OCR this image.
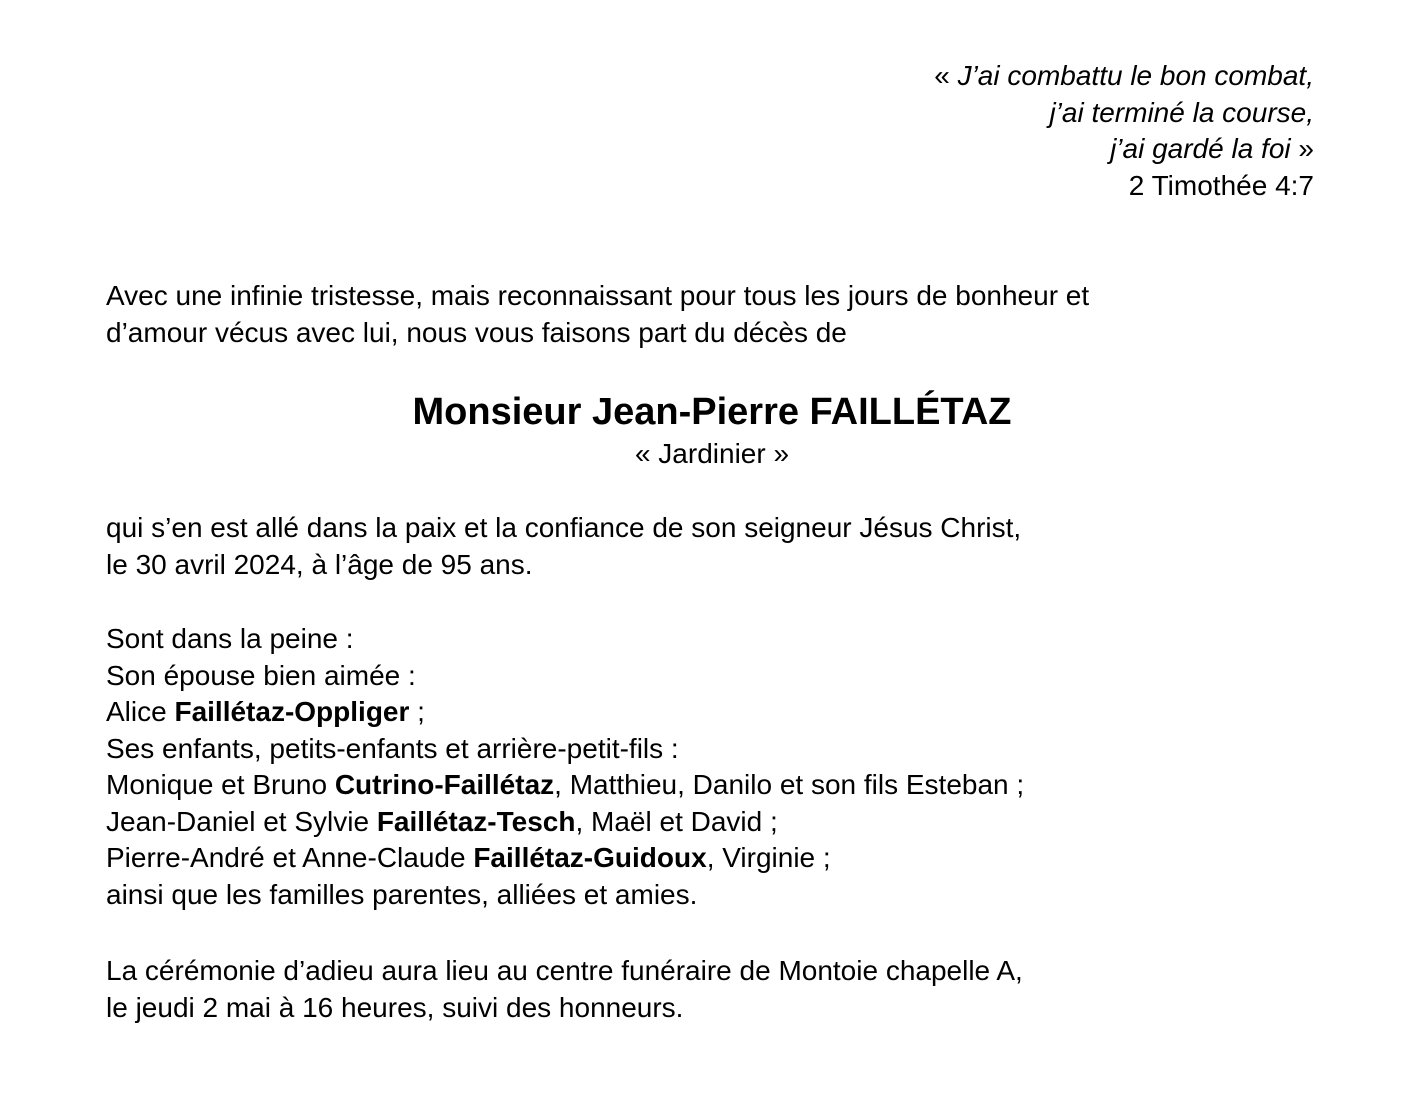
« J’ai combattu le bon combat,
j’ai terminé la course,
j’ai gardé la foi »
2 Timothée 4:7
Avec une infinie tristesse, mais reconnaissant pour tous les jours de bonheur et
d’amour vécus avec lui, nous vous faisons part du décès de
Monsieur Jean-Pierre FAILLÉTAZ
« Jardinier »
qui s’en est allé dans la paix et la confiance de son seigneur Jésus Christ,
le 30 avril 2024, à l’âge de 95 ans.
Sont dans la peine :
Son épouse bien aimée :
Alice Faillétaz-Oppliger ;
Ses enfants, petits-enfants et arrière-petit-fils :
Monique et Bruno Cutrino-Faillétaz, Matthieu, Danilo et son fils Esteban ;
Jean-Daniel et Sylvie Faillétaz-Tesch, Maël et David ;
Pierre-André et Anne-Claude Faillétaz-Guidoux, Virginie ;
ainsi que les familles parentes, alliées et amies.
La cérémonie d’adieu aura lieu au centre funéraire de Montoie chapelle A,
le jeudi 2 mai à 16 heures, suivi des honneurs.
